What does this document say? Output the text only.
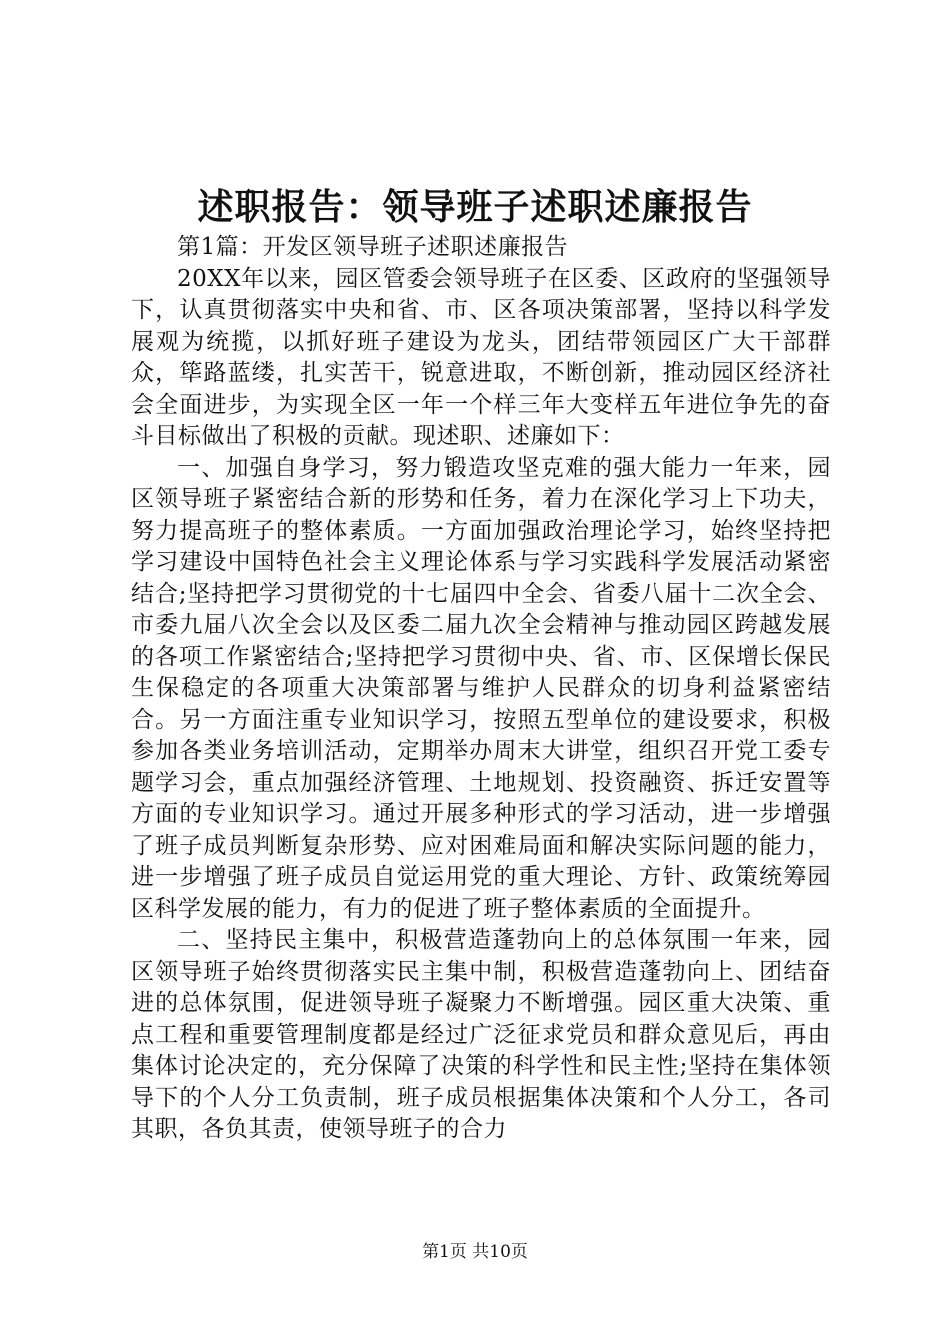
述职报告：领导班子述职述廉报告

第1篇：开发区领导班子述职述廉报告

20XX年以来，园区管委会领导班子在区委、区政府的坚强领导下，认真贯彻落实中央和省、市、区各项决策部署，坚持以科学发展观为统揽，以抓好班子建设为龙头，团结带领园区广大干部群众，筚路蓝缕，扎实苦干，锐意进取，不断创新，推动园区经济社会全面进步，为实现全区一年一个样三年大变样五年进位争先的奋斗目标做出了积极的贡献。现述职、述廉如下：

一、加强自身学习，努力锻造攻坚克难的强大能力一年来，园区领导班子紧密结合新的形势和任务，着力在深化学习上下功夫，努力提高班子的整体素质。一方面加强政治理论学习，始终坚持把学习建设中国特色社会主义理论体系与学习实践科学发展活动紧密结合;坚持把学习贯彻党的十七届四中全会、省委八届十二次全会、市委九届八次全会以及区委二届九次全会精神与推动园区跨越发展的各项工作紧密结合;坚持把学习贯彻中央、省、市、区保增长保民生保稳定的各项重大决策部署与维护人民群众的切身利益紧密结合。另一方面注重专业知识学习，按照五型单位的建设要求，积极参加各类业务培训活动，定期举办周末大讲堂，组织召开党工委专题学习会，重点加强经济管理、土地规划、投资融资、拆迁安置等方面的专业知识学习。通过开展多种形式的学习活动，进一步增强了班子成员判断复杂形势、应对困难局面和解决实际问题的能力，进一步增强了班子成员自觉运用党的重大理论、方针、政策统筹园区科学发展的能力，有力的促进了班子整体素质的全面提升。

二、坚持民主集中，积极营造蓬勃向上的总体氛围一年来，园区领导班子始终贯彻落实民主集中制，积极营造蓬勃向上、团结奋进的总体氛围，促进领导班子凝聚力不断增强。园区重大决策、重点工程和重要管理制度都是经过广泛征求党员和群众意见后，再由集体讨论决定的，充分保障了决策的科学性和民主性;坚持在集体领导下的个人分工负责制，班子成员根据集体决策和个人分工，各司其职，各负其责，使领导班子的合力

第1页 共10页
